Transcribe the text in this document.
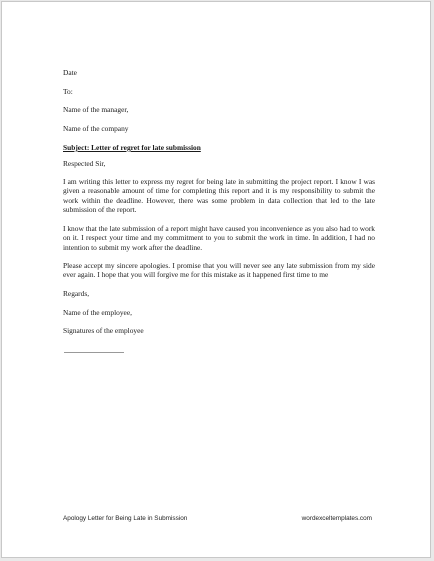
Date

To:

Name of the manager,

Name of the company

Subject: Letter of regret for late submission

Respected Sir,

I am writing this letter to express my regret for being late in submitting the project report. I know I was given a reasonable amount of time for completing this report and it is my responsibility to submit the work within the deadline. However, there was some problem in data collection that led to the late submission of the report.

I know that the late submission of a report might have caused you inconvenience as you also had to work on it. I respect your time and my commitment to you to submit the work in time. In addition, I had no intention to submit my work after the deadline.

Please accept my sincere apologies. I promise that you will never see any late submission from my side ever again. I hope that you will forgive me for this mistake as it happened first time to me

Regards,

Name of the employee,

Signatures of the employee

Apology Letter for Being Late in Submission	wordexceltemplates.com
